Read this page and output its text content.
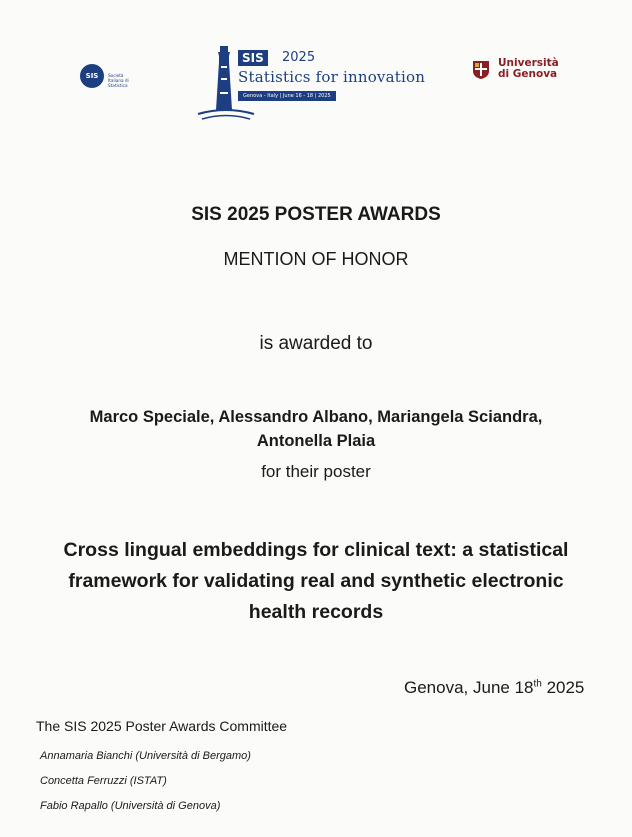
SIS Società
Italiana di
Statistica
SIS	2025
Statistics for innovation
Genova - Italy | June 16 - 18 | 2025
Università
di Genova
SIS 2025 POSTER AWARDS
MENTION OF HONOR
is awarded to
Marco Speciale, Alessandro Albano, Mariangela Sciandra,
Antonella Plaia
for their poster
Cross lingual embeddings for clinical text: a statistical
framework for validating real and synthetic electronic
health records
Genova, June 18th 2025
The SIS 2025 Poster Awards Committee
Annamaria Bianchi (Università di Bergamo)
Concetta Ferruzzi (ISTAT)
Fabio Rapallo (Università di Genova)
